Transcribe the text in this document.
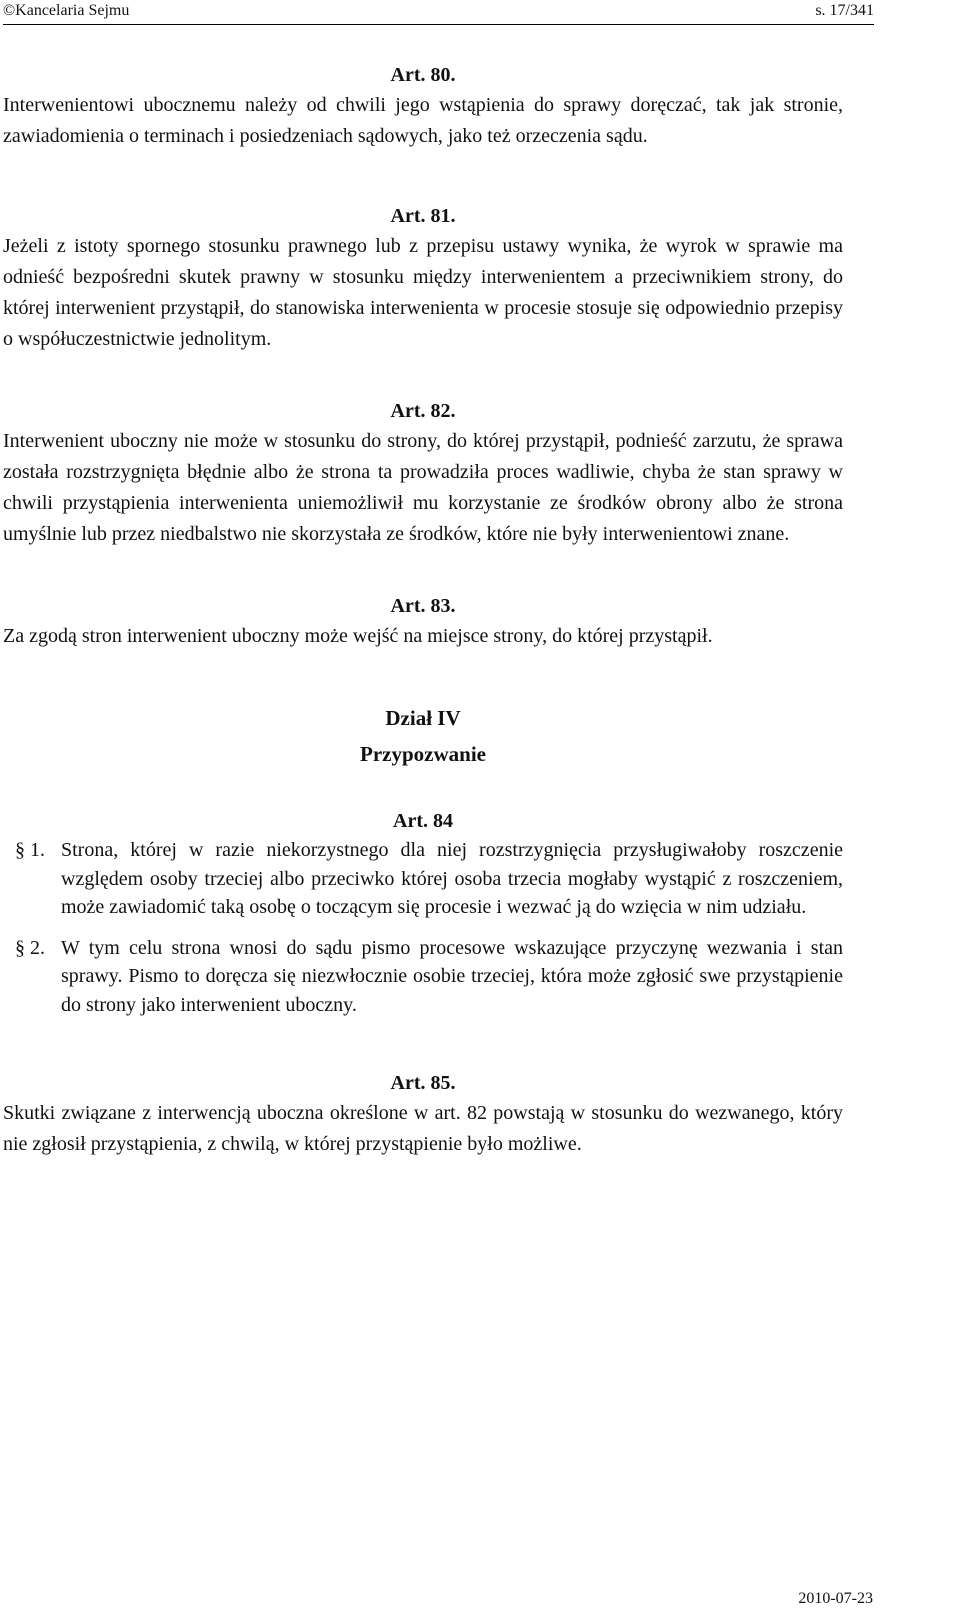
©Kancelaria Sejmu	s. 17/341

Art. 80.

Interwenientowi ubocznemu należy od chwili jego wstąpienia do sprawy doręczać, tak jak stronie, zawiadomienia o terminach i posiedzeniach sądowych, jako też orzeczenia sądu.

Art. 81.

Jeżeli z istoty spornego stosunku prawnego lub z przepisu ustawy wynika, że wyrok w sprawie ma odnieść bezpośredni skutek prawny w stosunku między interwenientem a przeciwnikiem strony, do której interwenient przystąpił, do stanowiska interwenienta w procesie stosuje się odpowiednio przepisy o współuczestnictwie jednolitym.

Art. 82.

Interwenient uboczny nie może w stosunku do strony, do której przystąpił, podnieść zarzutu, że sprawa została rozstrzygnięta błędnie albo że strona ta prowadziła proces wadliwie, chyba że stan sprawy w chwili przystąpienia interwenienta uniemożliwił mu korzystanie ze środków obrony albo że strona umyślnie lub przez niedbalstwo nie skorzystała ze środków, które nie były interwenientowi znane.

Art. 83.

Za zgodą stron interwenient uboczny może wejść na miejsce strony, do której przystąpił.

Dział IV

Przypozwanie

Art. 84

§ 1. Strona, której w razie niekorzystnego dla niej rozstrzygnięcia przysługiwałoby roszczenie względem osoby trzeciej albo przeciwko której osoba trzecia mogłaby wystąpić z roszczeniem, może zawiadomić taką osobę o toczącym się procesie i wezwać ją do wzięcia w nim udziału.
§ 2. W tym celu strona wnosi do sądu pismo procesowe wskazujące przyczynę wezwania i stan sprawy. Pismo to doręcza się niezwłocznie osobie trzeciej, która może zgłosić swe przystąpienie do strony jako interwenient uboczny.

Art. 85.

Skutki związane z interwencją uboczna określone w art. 82 powstają w stosunku do wezwanego, który nie zgłosił przystąpienia, z chwilą, w której przystąpienie było możliwe.

2010-07-23
